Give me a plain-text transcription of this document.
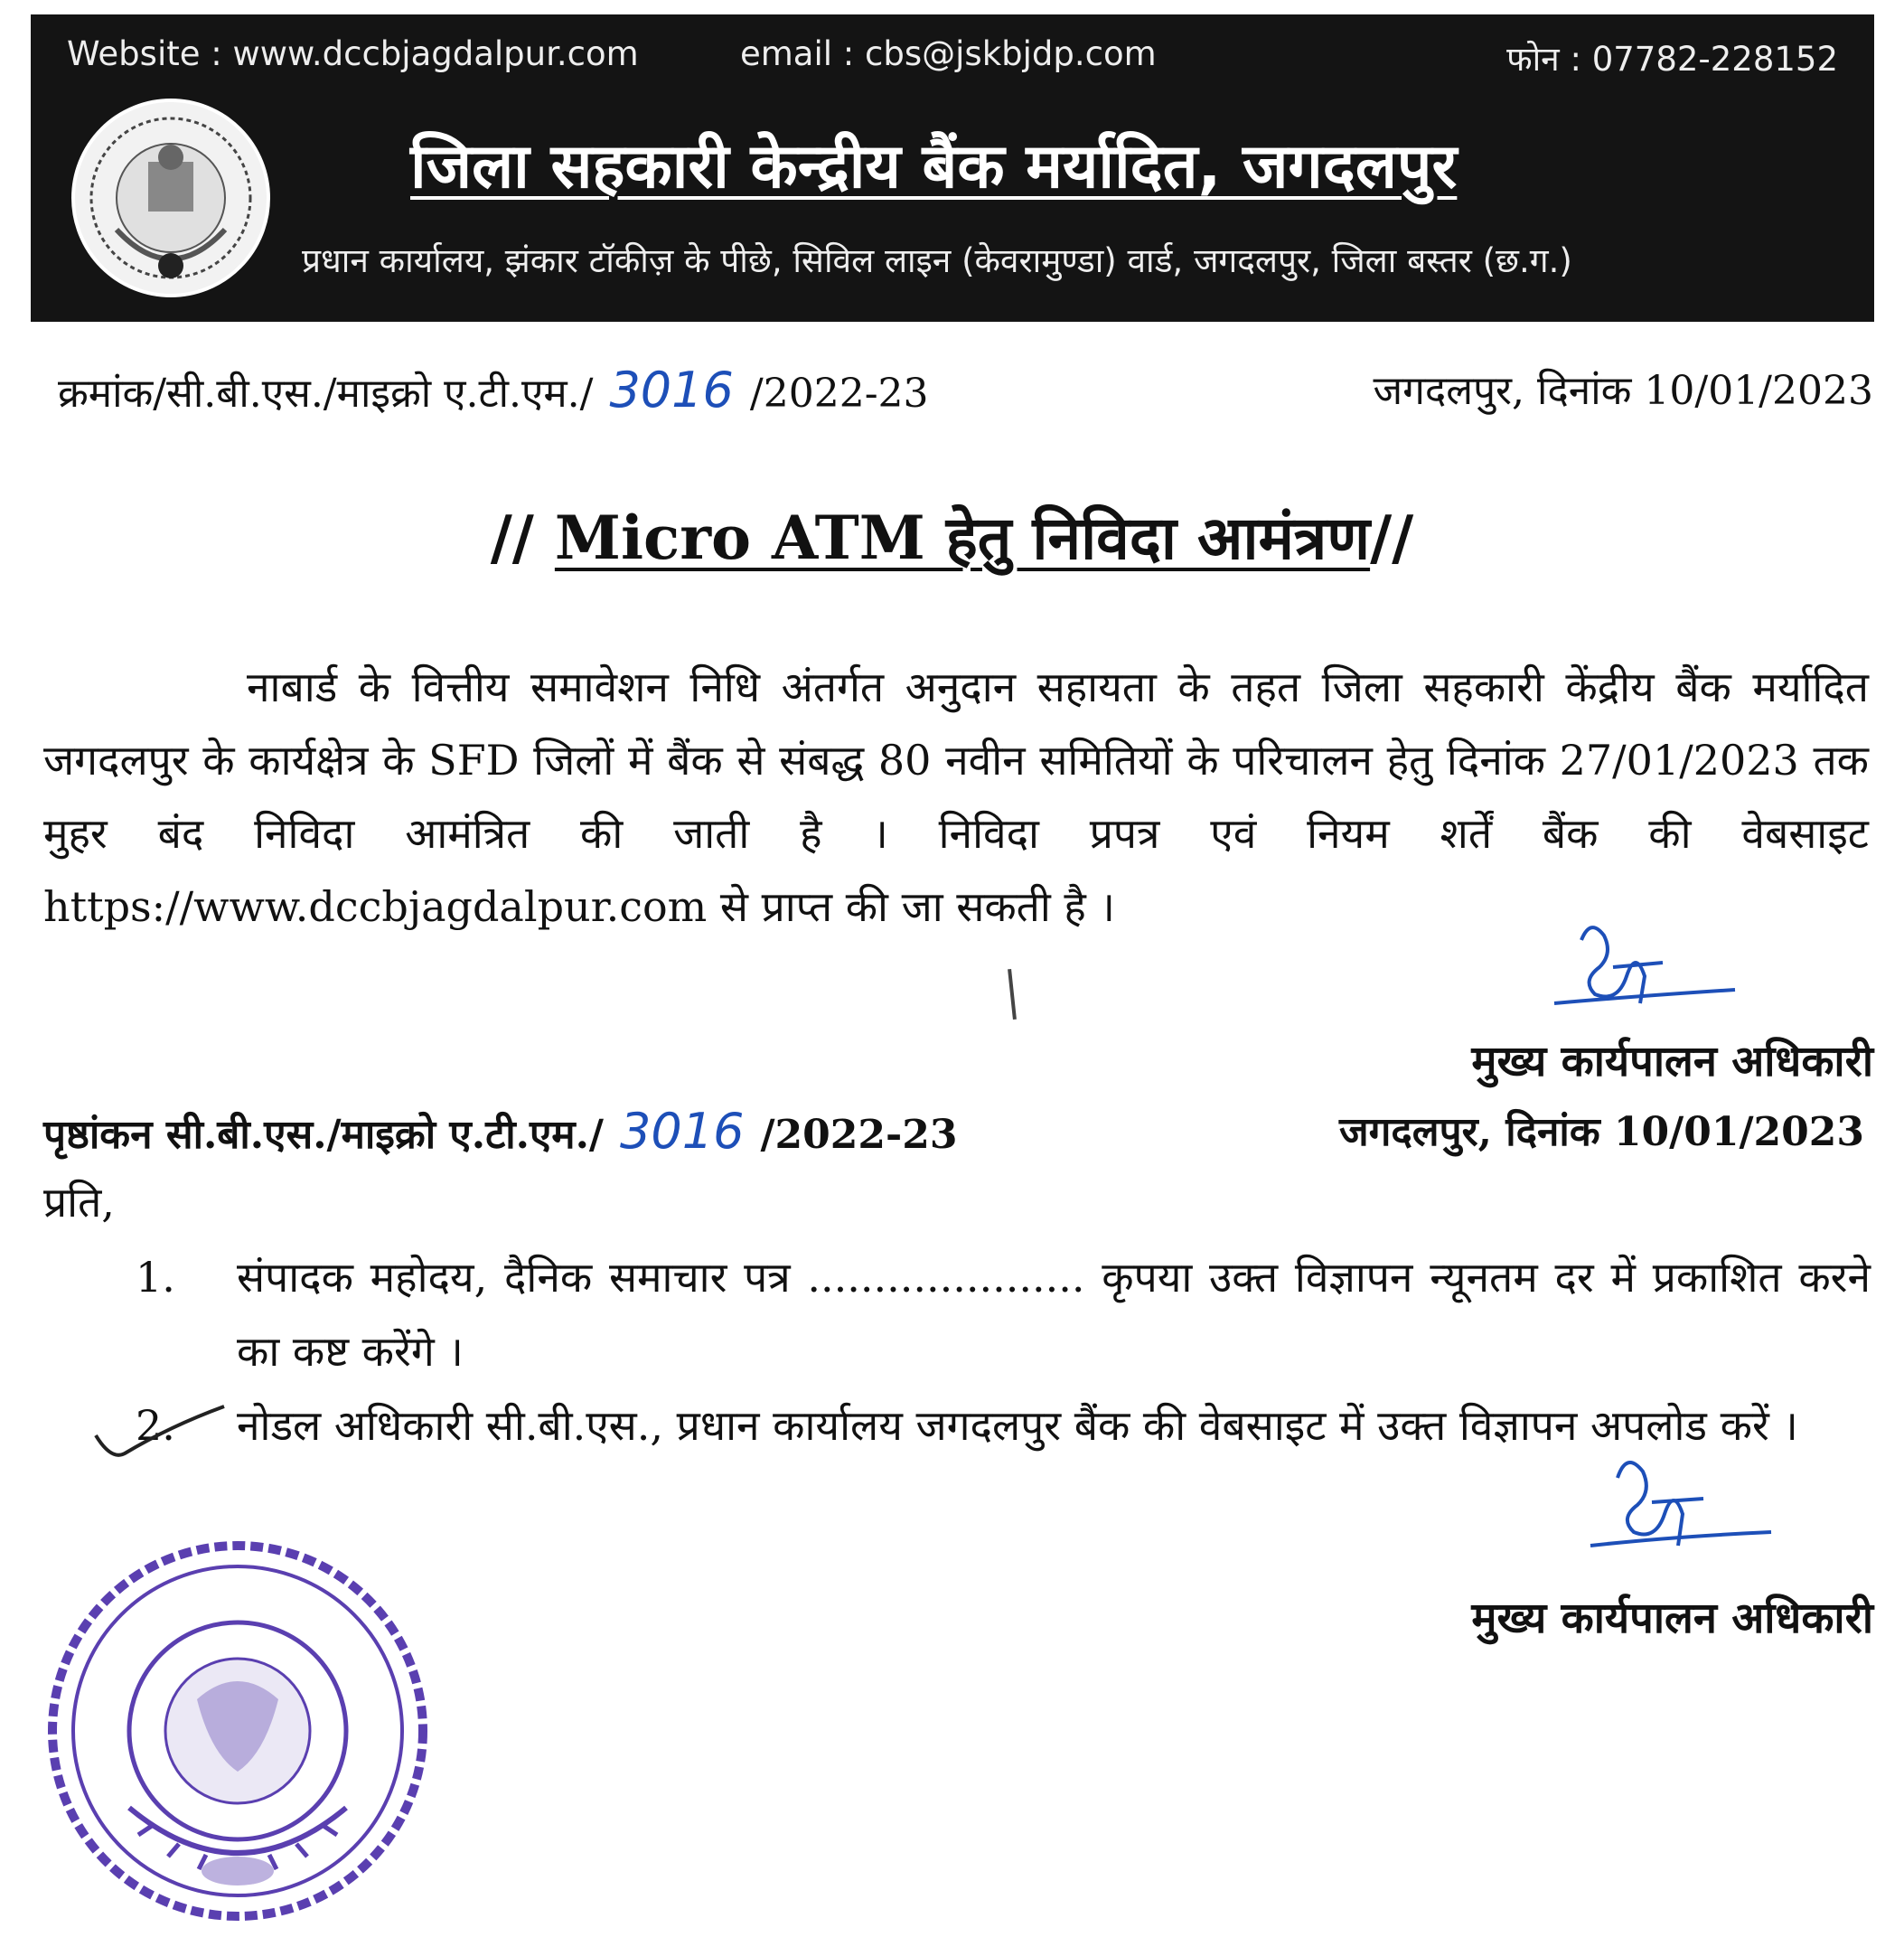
Website : www.dccbjagdalpur.com	email : cbs@jskbjdp.com	फोन : 07782-228152
जिला सहकारी केन्द्रीय बैंक मर्यादित, जगदलपुर
प्रधान कार्यालय, झंकार टॉकीज़ के पीछे, सिविल लाइन (केवरामुण्डा) वार्ड, जगदलपुर, जिला बस्तर (छ.ग.)
क्रमांक/सी.बी.एस./माइक्रो ए.टी.एम./ 3016 /2022-23	जगदलपुर, दिनांक 10/01/2023
// Micro ATM हेतु निविदा आमंत्रण//
नाबार्ड के वित्तीय समावेशन निधि अंतर्गत अनुदान सहायता के तहत जिला सहकारी केंद्रीय बैंक मर्यादित जगदलपुर के कार्यक्षेत्र के SFD जिलों में बैंक से संबद्ध 80 नवीन समितियों के परिचालन हेतु दिनांक 27/01/2023 तक मुहर बंद निविदा आमंत्रित की जाती है । निविदा प्रपत्र एवं नियम शर्तें बैंक की वेबसाइट https://www.dccbjagdalpur.com से प्राप्त की जा सकती है ।
मुख्य कार्यपालन अधिकारी
पृष्ठांकन सी.बी.एस./माइक्रो ए.टी.एम./ 3016 /2022-23	जगदलपुर, दिनांक 10/01/2023
प्रति,
1.	संपादक महोदय, दैनिक समाचार पत्र ..................... कृपया उक्त विज्ञापन न्यूनतम दर में प्रकाशित करने का कष्ट करेंगे ।
2.	नोडल अधिकारी सी.बी.एस., प्रधान कार्यालय जगदलपुर बैंक की वेबसाइट में उक्त विज्ञापन अपलोड करें ।
मुख्य कार्यपालन अधिकारी
